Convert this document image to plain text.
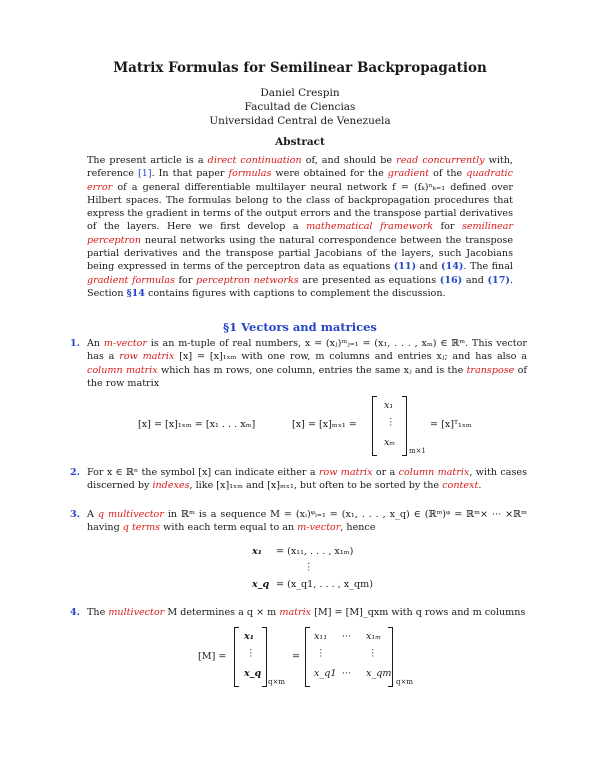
Matrix Formulas for Semilinear Backpropagation
Daniel Crespin
Facultad de Ciencias
Universidad Central de Venezuela
Abstract
The present article is a direct continuation of, and should be read concurrently with, reference [1]. In that paper formulas were obtained for the gradient of the quadratic error of a general differentiable multilayer neural network f = (fₖ)ⁿₖ₌₁ defined over Hilbert spaces. The formulas belong to the class of backpropagation procedures that express the gradient in terms of the output errors and the transpose partial derivatives of the layers. Here we first develop a mathematical framework for semilinear perceptron neural networks using the natural correspondence between the transpose partial derivatives and the transpose partial Jacobians of the layers, such Jacobians being expressed in terms of the perceptron data as equations (11) and (14). The final gradient formulas for perceptron networks are presented as equations (16) and (17). Section §14 contains figures with captions to complement the discussion.
§1 Vectors and matrices
1. An m-vector is an m-tuple of real numbers, x = (xⱼ)ᵐⱼ₌₁ = (x₁, . . . , xₘ) ∈ ℝᵐ. This vector has a row matrix [x] = [x]₁ₓₘ with one row, m columns and entries xⱼ; and has also a column matrix which has m rows, one column, entries the same xⱼ and is the transpose of the row matrix
[x] = [x]₁ₓₘ = [x₁ . . . xₘ]	[x] = [x]ₘₓ₁ =
x₁
⋮
xₘ
m×1
= [x]ᵀ₁ₓₘ
2. For x ∈ ℝⁿ the symbol [x] can indicate either a row matrix or a column matrix, with cases discerned by indexes, like [x]₁ₓₘ and [x]ₘₓ₁, but often to be sorted by the context.
3. A q multivector in ℝᵐ is a sequence M = (xᵢ)ᵠᵢ₌₁ = (x₁, . . . , x_q) ∈ (ℝᵐ)ᵠ = ℝᵐ× ··· ×ℝᵐ having q terms with each term equal to an m-vector, hence
x₁ = (x₁₁, . . . , x₁ₘ)
⋮
x_q = (x_q1, . . . , x_qm)
4. The multivector M determines a q × m matrix [M] = [M]_qxm with q rows and m columns
[M] =
x₁
⋮
x_q
q×m
=
x₁₁ ··· x₁ₘ
⋮	⋮
x_q1 ··· x_qm
q×m
